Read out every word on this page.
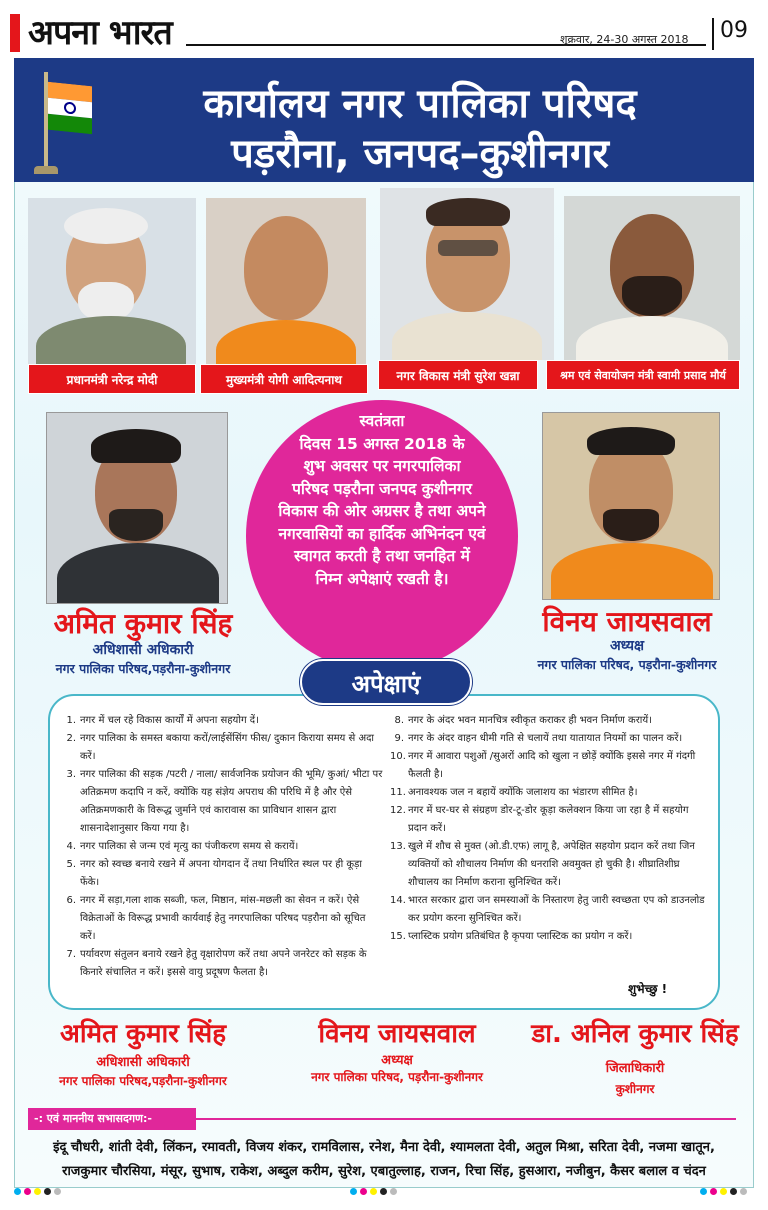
अपना भारत	शुक्रवार, 24-30 अगस्त 2018 09
कार्यालय नगर पालिका परिषद
पड़रौना, जनपद–कुशीनगर
प्रधानमंत्री नरेन्द्र मोदी	मुख्यमंत्री योगी आदित्यनाथ	नगर विकास मंत्री सुरेश खन्ना	श्रम एवं सेवायोजन मंत्री स्वामी प्रसाद मौर्य
स्वतंत्रता
दिवस 15 अगस्त 2018 के
शुभ अवसर पर नगरपालिका
परिषद पड़रौना जनपद कुशीनगर
विकास की ओर अग्रसर है तथा अपने
नगरवासियों का हार्दिक अभिनंदन एवं
स्वागत करती है तथा जनहित में
निम्न अपेक्षाएं रखती है।
अमित कुमार सिंह
अधिशासी अधिकारी
नगर पालिका परिषद,पड़रौना-कुशीनगर
विनय जायसवाल
अध्यक्ष
नगर पालिका परिषद, पड़रौना-कुशीनगर
अपेक्षाएं
1. नगर में चल रहे विकास कार्यों में अपना सहयोग दें।
2. नगर पालिका के समस्त बकाया करों/लाईसेंसिंग फीस/ दुकान किराया समय से अदा करें।
3. नगर पालिका की सड़क /पटरी / नाला/ सार्वजनिक प्रयोजन की भूमि/ कुआं/ भीटा पर अतिक्रमण कदापि न करें, क्योंकि यह संज्ञेय अपराध की परिधि में है और ऐसे अतिक्रमणकारी के विरूद्ध जुर्माने एवं कारावास का प्राविधान शासन द्वारा शासनादेशानुसार किया गया है।
4. नगर पालिका से जन्म एवं मृत्यु का पंजीकरण समय से करायें।
5. नगर को स्वच्छ बनाये रखने में अपना योगदान दें तथा निर्धारित स्थल पर ही कूड़ा फेंके।
6. नगर में सड़ा,गला शाक सब्जी, फल, मिष्ठान, मांस-मछली का सेवन न करें। ऐसे विक्रेताओं के विरूद्ध प्रभावी कार्यवाई हेतु नगरपालिका परिषद पड़रौना को सूचित करें।
7. पर्यावरण संतुलन बनाये रखने हेतु वृक्षारोपण करें तथा अपने जनरेटर को सड़क के किनारे संचालित न करें। इससे वायु प्रदूषण फैलता है।
8. नगर के अंदर भवन मानचित्र स्वीकृत कराकर ही भवन निर्माण करायें।
9. नगर के अंदर वाहन धीमी गति से चलायें तथा यातायात नियमों का पालन करें।
10. नगर में आवारा पशुओं /सुअरों आदि को खुला न छोड़ें क्योंकि इससे नगर में गंदगी फैलती है।
11. अनावश्यक जल न बहायें क्योंकि जलाशय का भंडारण सीमित है।
12. नगर में घर-घर से संग्रहण डोर-टू-डोर कूड़ा कलेक्शन किया जा रहा है में सहयोग प्रदान करें।
13. खुले में शौच से मुक्त (ओ.डी.एफ) लागू है, अपेक्षित सहयोग प्रदान करें तथा जिन व्यक्तियों को शौचालय निर्माण की धनराशि अवमुक्त हो चुकी है। शीघ्रातिशीघ्र शौचालय का निर्माण कराना सुनिश्चित करें।
14. भारत सरकार द्वारा जन समस्याओं के निस्तारण हेतु जारी स्वच्छता एप को डाउनलोड कर प्रयोग करना सुनिश्चित करें।
15. प्लास्टिक प्रयोग प्रतिबंधित है कृपया प्लास्टिक का प्रयोग न करें।
शुभेच्छु !
अमित कुमार सिंह
अधिशासी अधिकारी
नगर पालिका परिषद,पड़रौना-कुशीनगर
विनय जायसवाल
अध्यक्ष
नगर पालिका परिषद, पड़रौना-कुशीनगर
डा. अनिल कुमार सिंह
जिलाधिकारी
कुशीनगर
-: एवं माननीय सभासदगण:-
इंदू चौधरी, शांती देवी, लिंकन, रमावती, विजय शंकर, रामविलास, रनेश, मैना देवी, श्यामलता देवी, अतुल मिश्रा, सरिता देवी, नजमा खातून,
राजकुमार चौरसिया, मंसूर, सुभाष, राकेश, अब्दुल करीम, सुरेश, एबातुल्लाह, राजन, रिचा सिंह, हुसआरा, नजीबुन, कैसर बलाल व चंदन
